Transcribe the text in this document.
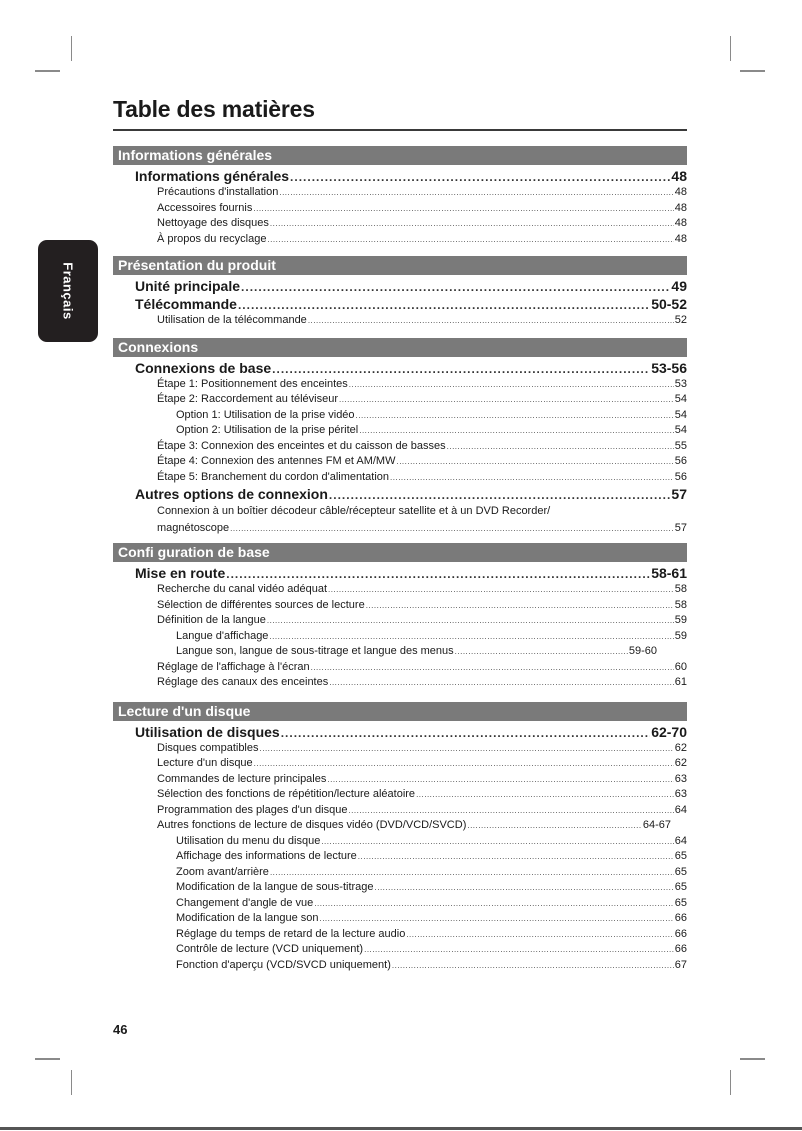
Table des matières
Français
Informations générales
Informations générales .....	48
Précautions d'installation .....	48
Accessoires fournis .....	48
Nettoyage des disques .....	48
À propos du recyclage .....	48
Présentation du produit
Unité principale .....	49
Télécommande .....	50-52
Utilisation de la télécommande .....	52
Connexions
Connexions de base .....	53-56
Étape 1: Positionnement des enceintes .....	53
Étape 2: Raccordement au téléviseur .....	54
Option 1: Utilisation de la prise vidéo .....	54
Option 2: Utilisation de la prise péritel .....	54
Étape 3: Connexion des enceintes et du caisson de basses .....	55
Étape 4: Connexion des antennes FM et AM/MW .....	56
Étape 5: Branchement du cordon d'alimentation .....	56
Autres options de connexion .....	57
Connexion à un boîtier décodeur câble/récepteur satellite et à un DVD Recorder/
magnétoscope .....	57
Confi guration de base
Mise en route .....	58-61
Recherche du canal vidéo adéquat .....	58
Sélection de différentes sources de lecture .....	58
Définition de la langue .....	59
Langue d'affichage .....	59
Langue son, langue de sous-titrage et langue des menus .....	59-60
Réglage de l'affichage à l'écran .....	60
Réglage des canaux des enceintes .....	61
Lecture d'un disque
Utilisation de disques .....	62-70
Disques compatibles .....	62
Lecture d'un disque .....	62
Commandes de lecture principales .....	63
Sélection des fonctions de répétition/lecture aléatoire .....	63
Programmation des plages d'un disque .....	64
Autres fonctions de lecture de disques vidéo (DVD/VCD/SVCD) .....	64-67
Utilisation du menu du disque .....	64
Affichage des informations de lecture .....	65
Zoom avant/arrière .....	65
Modification de la langue de sous-titrage .....	65
Changement d'angle de vue .....	65
Modification de la langue son .....	66
Réglage du temps de retard de la lecture audio .....	66
Contrôle de lecture (VCD uniquement) .....	66
Fonction d'aperçu (VCD/SVCD uniquement) .....	67
46
